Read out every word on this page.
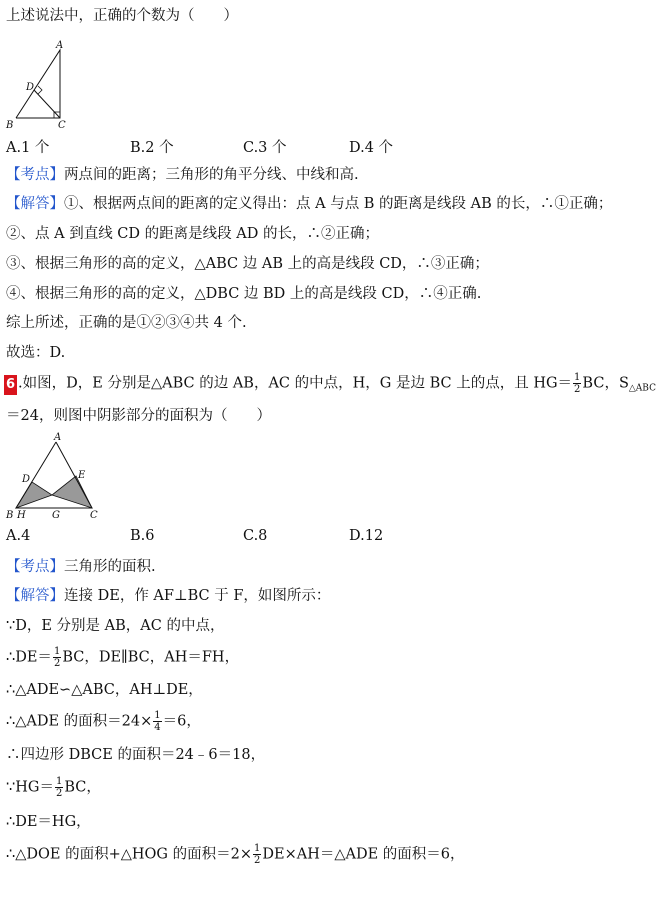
上述说法中，正确的个数为（　　）
A
D
B	C
A.1 个	B.2 个	C.3 个	D.4 个
【考点】两点间的距离；三角形的角平分线、中线和高.
【解答】①、根据两点间的距离的定义得出：点 A 与点 B 的距离是线段 AB 的长，∴①正确；
②、点 A 到直线 CD 的距离是线段 AD 的长，∴②正确；
③、根据三角形的高的定义，△ABC 边 AB 上的高是线段 CD，∴③正确；
④、根据三角形的高的定义，△DBC 边 BD 上的高是线段 CD，∴④正确.
综上所述，正确的是①②③④共 4 个.
故选：D.
6 .如图，D，E 分别是△ABC 的边 AB，AC 的中点，H，G 是边 BC 上的点，且 $HG= \frac{1}{2}$ BC，$S_{\triangle ABC}$
＝24，则图中阴影部分的面积为（　　）
A
D	E
B H	G	C
A.4	B.6	C.8	D.12
【考点】三角形的面积.
【解答】连接 DE，作 AF⊥BC 于 F，如图所示：
∵D，E 分别是 AB，AC 的中点，
∴DE＝ $\frac{1}{2}$ BC，DE∥BC，AH＝FH，
∴△ADE∽△ABC，AH⊥DE，
∴△ADE 的面积$=24\times \frac{1}{4} =6$，
∴四边形 DBCE 的面积＝24﹣6＝18，
∵HG＝ $\frac{1}{2}$ BC，
∴DE＝HG，
∴△DOE 的面积+△HOG 的面积$=2\times \frac{1}{2}$ DE×AH＝△ADE 的面积＝6，
